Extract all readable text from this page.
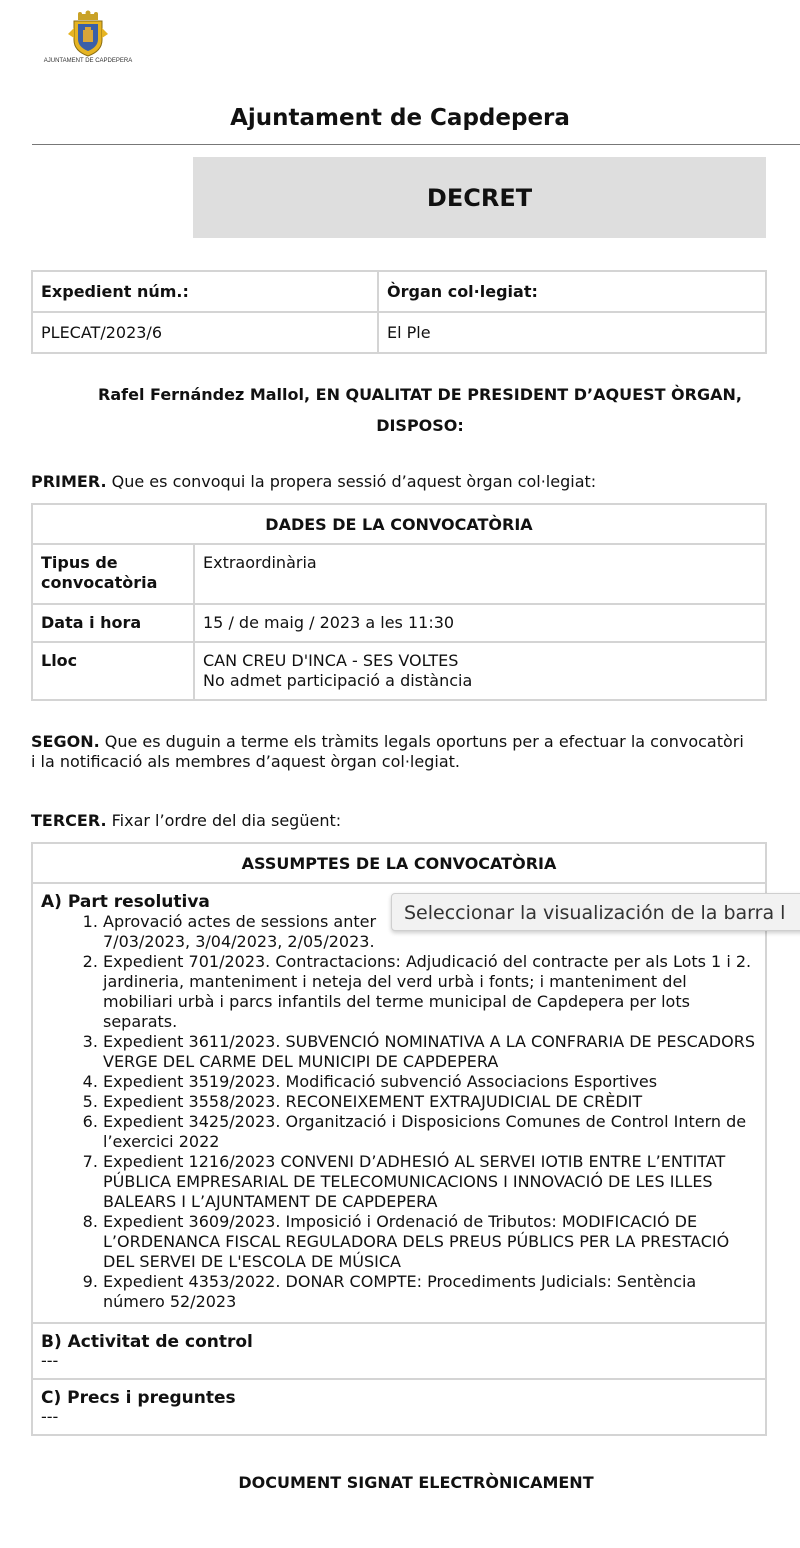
AJUNTAMENT DE CAPDEPERA
Ajuntament de Capdepera
DECRET
Expedient núm.:	Òrgan col·legiat:
PLECAT/2023/6	El Ple
Rafel Fernández Mallol, EN QUALITAT DE PRESIDENT D’AQUEST ÒRGAN,
DISPOSO:
PRIMER. Que es convoqui la propera sessió d’aquest òrgan col·legiat:
DADES DE LA CONVOCATÒRIA	
Tipus de convocatòria	Extraordinària
Data i hora	15 / de maig / 2023 a les 11:30
Lloc	CAN CREU D'INCA - SES VOLTES
No admet participació a distància
SEGON. Que es duguin a terme els tràmits legals oportuns per a efectuar la convocatòri
i la notificació als membres d’aquest òrgan col·legiat.
TERCER. Fixar l’ordre del dia següent:
ASSUMPTES DE LA CONVOCATÒRIA

A) Part resolutiva
1. Aprovació actes de sessions anter
7/03/2023, 3/04/2023, 2/05/2023.
2. Expedient 701/2023. Contractacions: Adjudicació del contracte per als Lots 1 i 2. jardineria, manteniment i neteja del verd urbà i fonts; i manteniment del mobiliari urbà i parcs infantils del terme municipal de Capdepera per lots separats.
3. Expedient 3611/2023. SUBVENCIÓ NOMINATIVA A LA CONFRARIA DE PESCADORS VERGE DEL CARME DEL MUNICIPI DE CAPDEPERA
4. Expedient 3519/2023. Modificació subvenció Associacions Esportives
5. Expedient 3558/2023. RECONEIXEMENT EXTRAJUDICIAL DE CRÈDIT
6. Expedient 3425/2023. Organització i Disposicions Comunes de Control Intern de l’exercici 2022
7. Expedient 1216/2023 CONVENI D’ADHESIÓ AL SERVEI IOTIB ENTRE L’ENTITAT PÚBLICA EMPRESARIAL DE TELECOMUNICACIONS I INNOVACIÓ DE LES ILLES BALEARS I L’AJUNTAMENT DE CAPDEPERA
8. Expedient 3609/2023. Imposició i Ordenació de Tributos: MODIFICACIÓ DE L’ORDENANCA FISCAL REGULADORA DELS PREUS PÚBLICS PER LA PRESTACIÓ DEL SERVEI DE L'ESCOLA DE MÚSICA
9. Expedient 4353/2022. DONAR COMPTE: Procediments Judicials: Sentència número 52/2023

B) Activitat de control
---

C) Precs i preguntes
---
Seleccionar la visualización de la barra l
DOCUMENT SIGNAT ELECTRÒNICAMENT
